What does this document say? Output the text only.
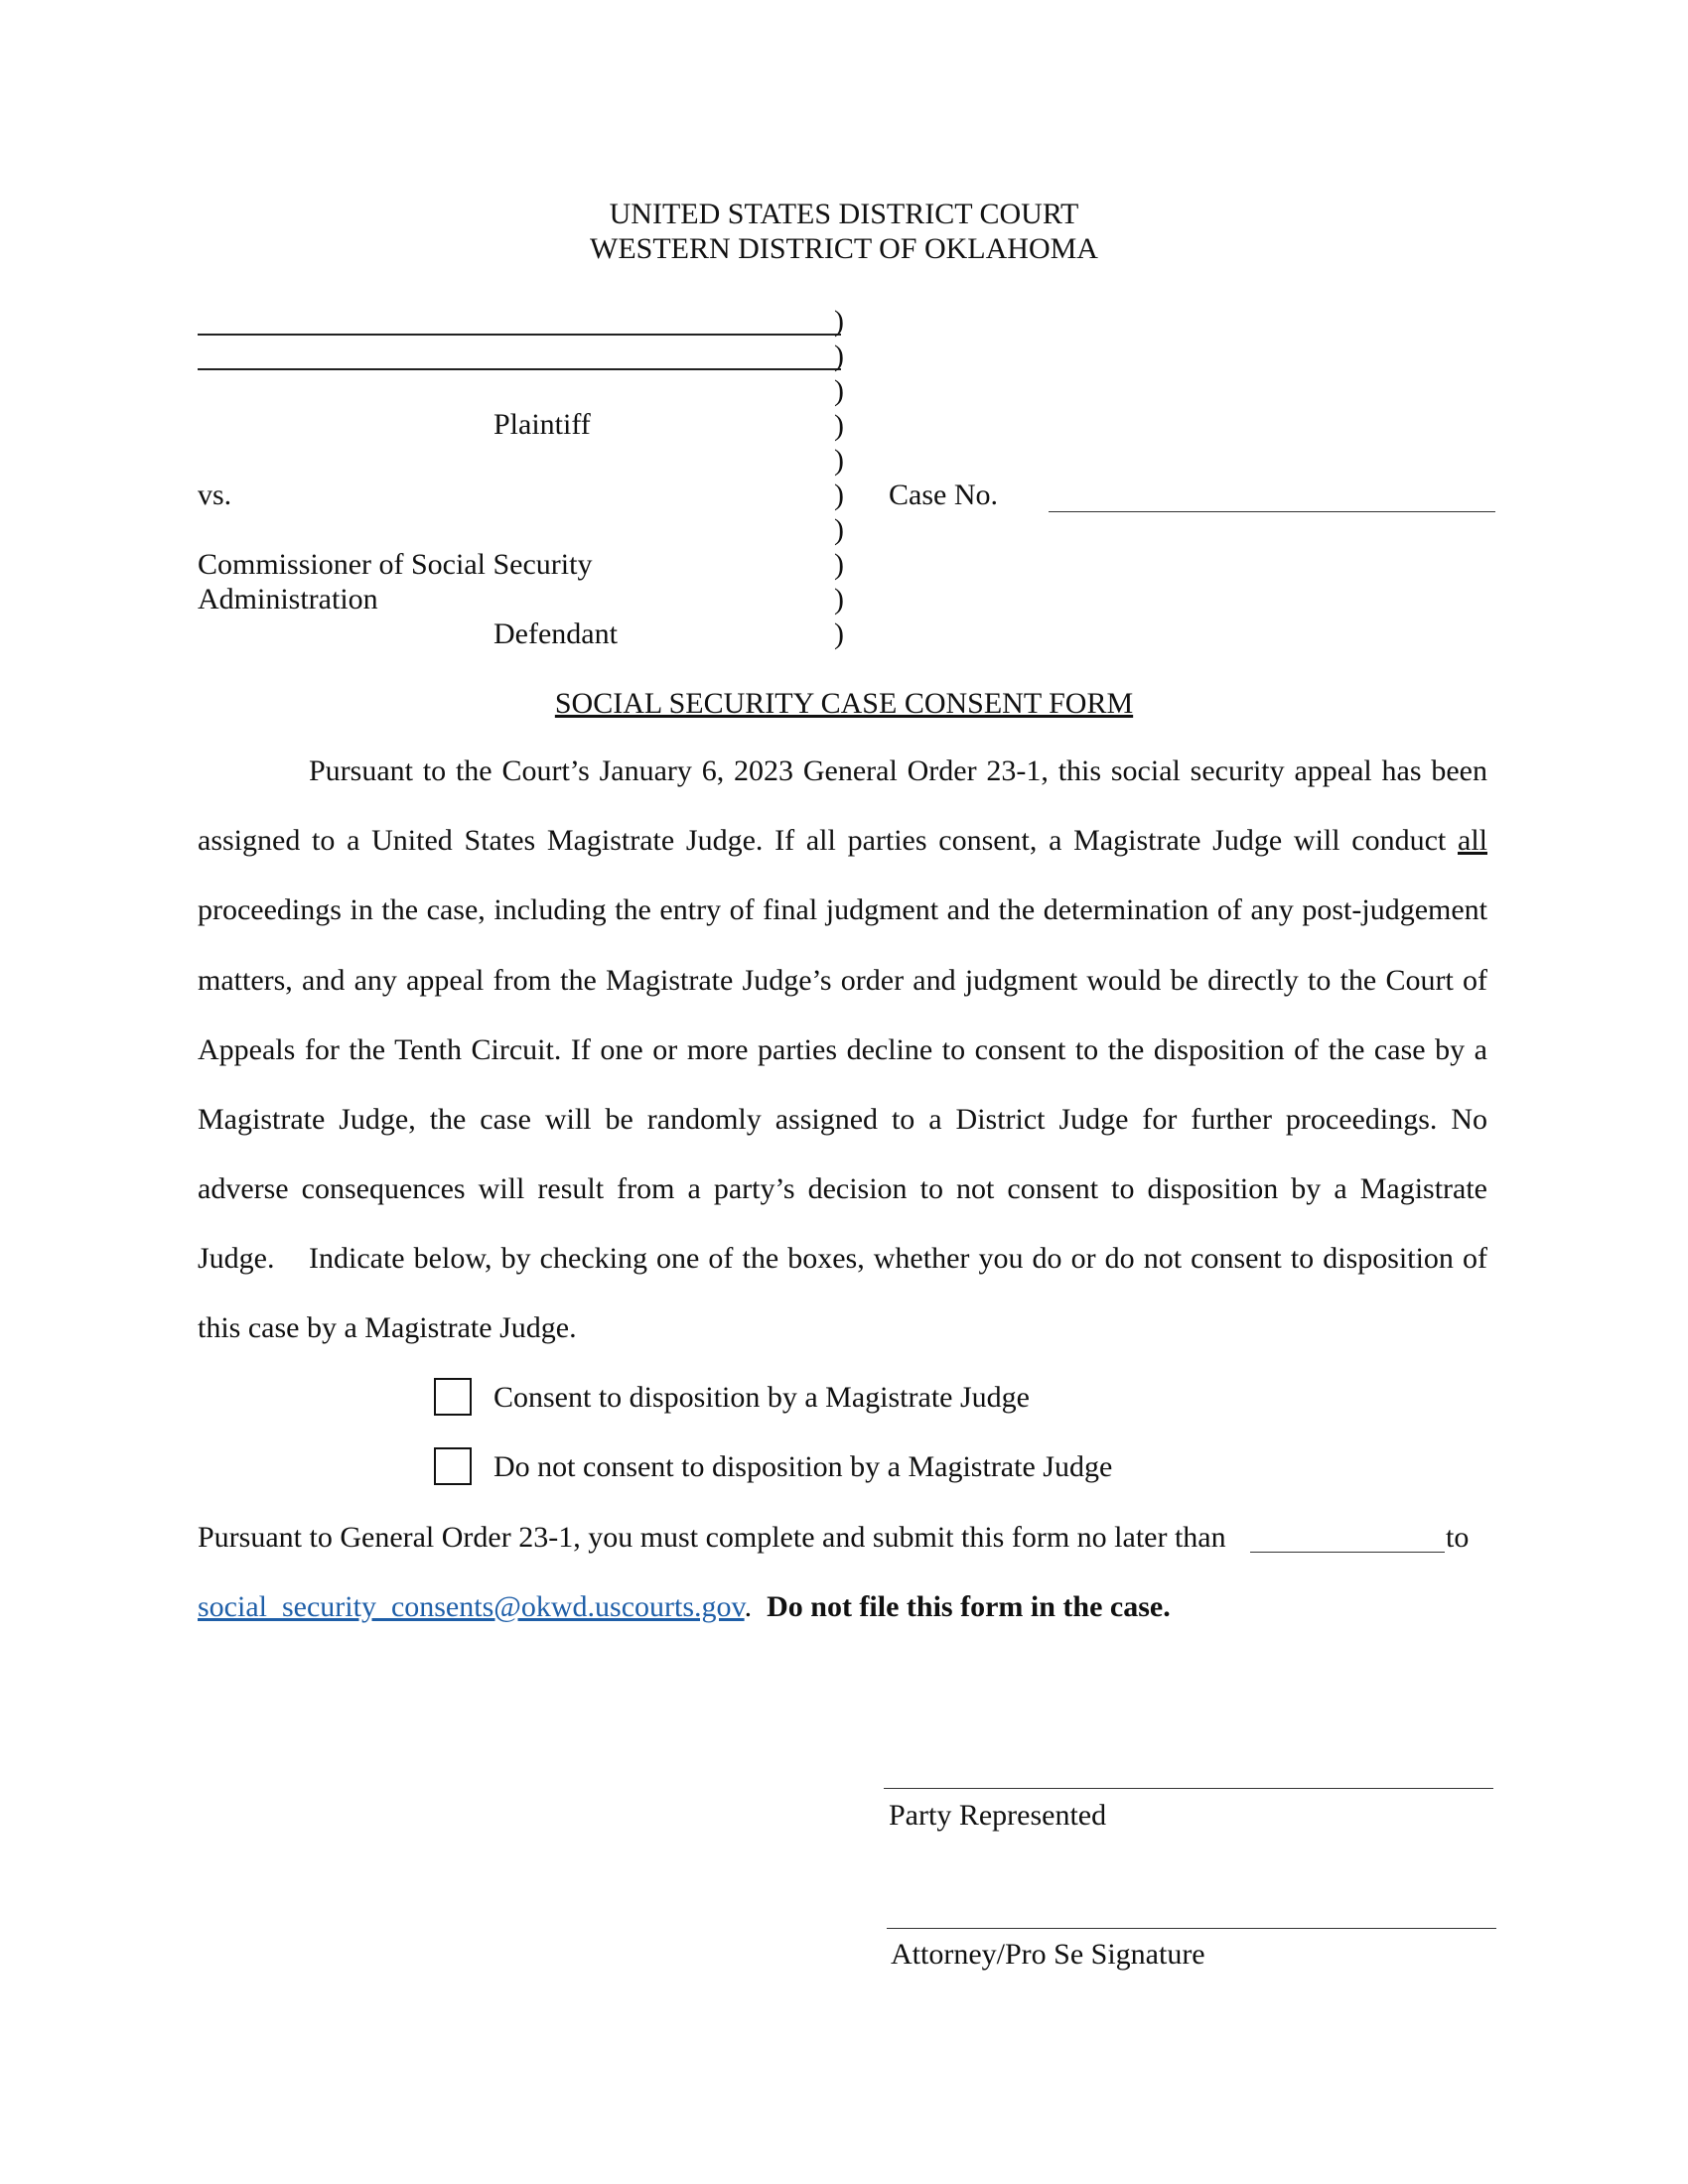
UNITED STATES DISTRICT COURT
WESTERN DISTRICT OF OKLAHOMA
)
)
)
)
)
)
)
)
)
)
Plaintiff
vs.
Commissioner of Social Security
Administration
Defendant
Case No.
SOCIAL SECURITY CASE CONSENT FORM
Pursuant to the Court’s January 6, 2023 General Order 23-1, this social security appeal has been assigned to a United States Magistrate Judge. If all parties consent, a Magistrate Judge will conduct all proceedings in the case, including the entry of final judgment and the determination of any post-judgement matters, and any appeal from the Magistrate Judge’s order and judgment would be directly to the Court of Appeals for the Tenth Circuit. If one or more parties decline to consent to the disposition of the case by a Magistrate Judge, the case will be randomly assigned to a District Judge for further proceedings. No adverse consequences will result from a party’s decision to not consent to disposition by a Magistrate Judge.	Indicate below, by checking one of the boxes, whether you do or do not consent to disposition of this case by a Magistrate Judge.
Consent to disposition by a Magistrate Judge
Do not consent to disposition by a Magistrate Judge
Pursuant to General Order 23-1, you must complete and submit this form no later than	to
social_security_consents@okwd.uscourts.gov. Do not file this form in the case.
Party Represented
Attorney/Pro Se Signature
